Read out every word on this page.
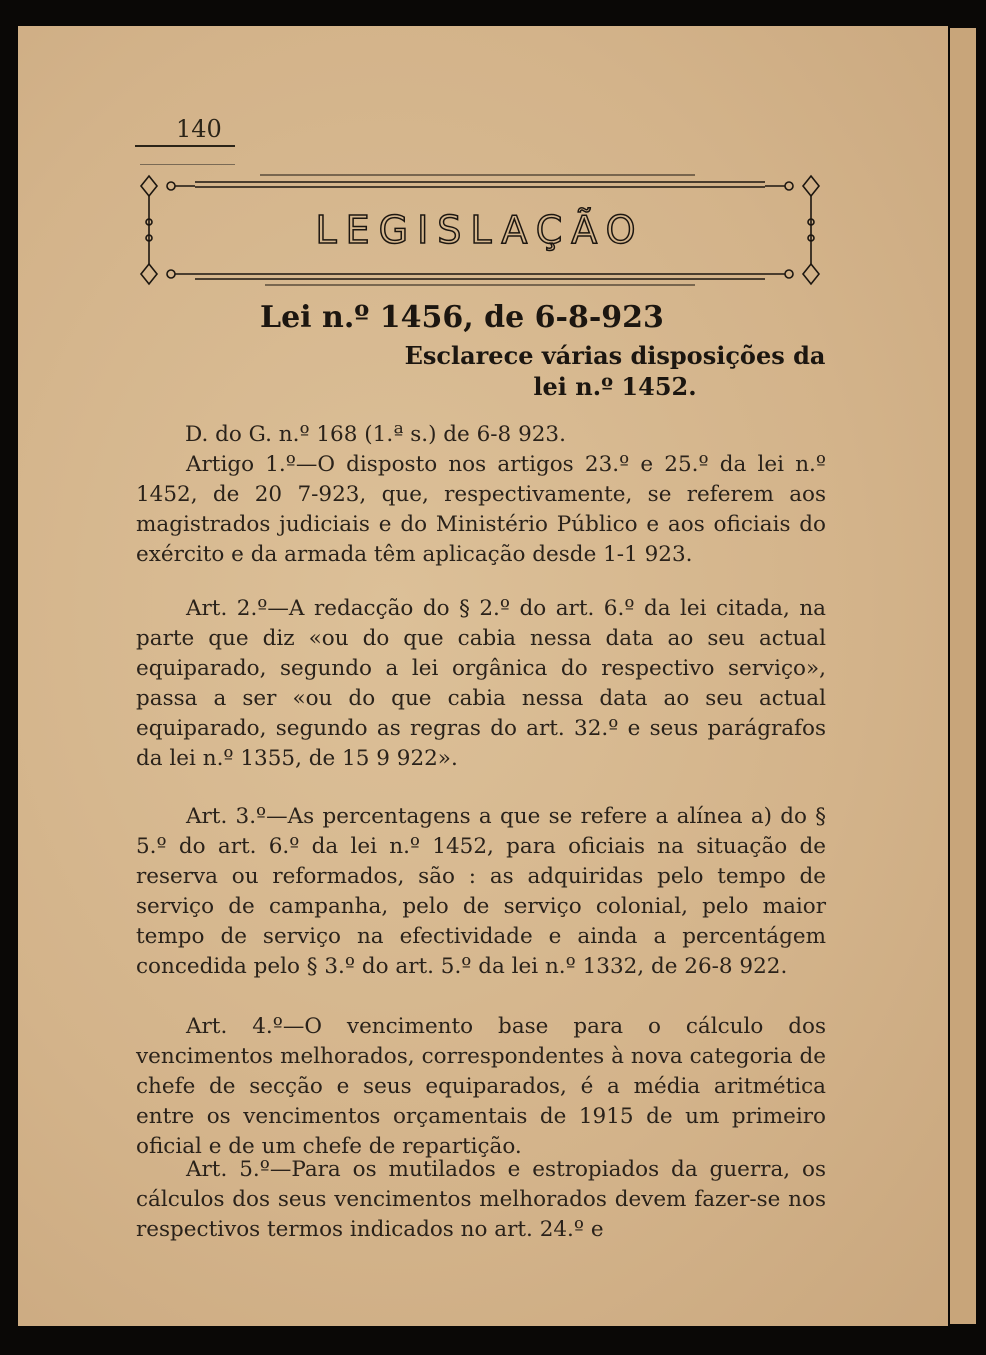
140
LEGISLAÇÃO
Lei n.º 1456, de 6-8-923
Esclarece várias disposições da lei n.º 1452.
D. do G. n.º 168 (1.ª s.) de 6-8 923.
Artigo 1.º—O disposto nos artigos 23.º e 25.º da lei n.º 1452, de 20 7-923, que, respectivamente, se referem aos magistrados judiciais e do Ministério Público e aos oficiais do exército e da armada têm aplicação desde 1-1 923.
Art. 2.º—A redacção do § 2.º do art. 6.º da lei citada, na parte que diz «ou do que cabia nessa data ao seu actual equiparado, segundo a lei orgânica do respectivo serviço», passa a ser «ou do que cabia nessa data ao seu actual equiparado, segundo as regras do art. 32.º e seus parágrafos da lei n.º 1355, de 15 9 922».
Art. 3.º—As percentagens a que se refere a alínea a) do § 5.º do art. 6.º da lei n.º 1452, para oficiais na situação de reserva ou reformados, são : as adquiridas pelo tempo de serviço de campanha, pelo de serviço colonial, pelo maior tempo de serviço na efectividade e ainda a percentágem concedida pelo § 3.º do art. 5.º da lei n.º 1332, de 26-8 922.
Art. 4.º—O vencimento base para o cálculo dos vencimentos melhorados, correspondentes à nova categoria de chefe de secção e seus equiparados, é a média aritmética entre os vencimentos orçamentais de 1915 de um primeiro oficial e de um chefe de repartição.
Art. 5.º—Para os mutilados e estropiados da guerra, os cálculos dos seus vencimentos melhorados devem fazer-se nos respectivos termos indicados no art. 24.º e
